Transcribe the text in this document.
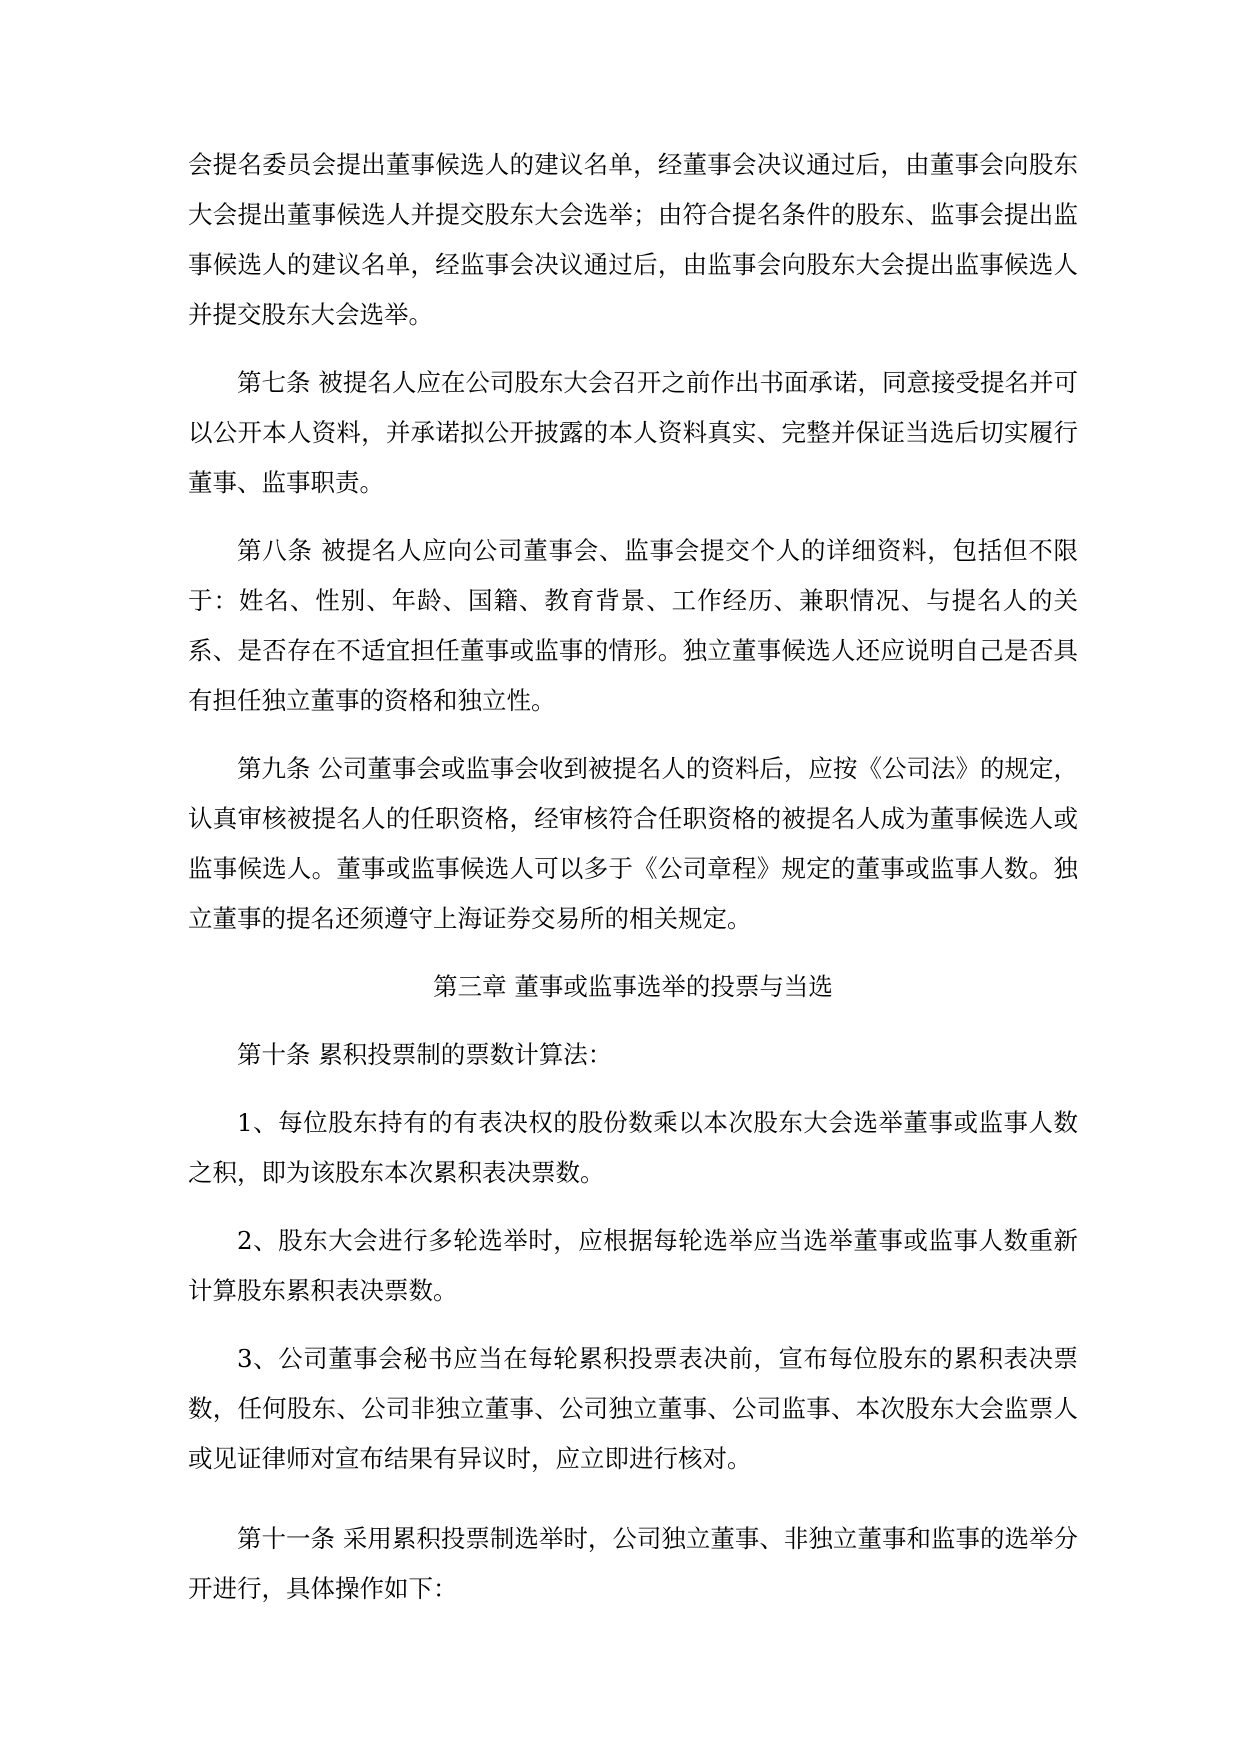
会提名委员会提出董事候选人的建议名单，经董事会决议通过后，由董事会向股东大会提出董事候选人并提交股东大会选举；由符合提名条件的股东、监事会提出监事候选人的建议名单，经监事会决议通过后，由监事会向股东大会提出监事候选人并提交股东大会选举。

第七条 被提名人应在公司股东大会召开之前作出书面承诺，同意接受提名并可以公开本人资料，并承诺拟公开披露的本人资料真实、完整并保证当选后切实履行董事、监事职责。

第八条 被提名人应向公司董事会、监事会提交个人的详细资料，包括但不限于：姓名、性别、年龄、国籍、教育背景、工作经历、兼职情况、与提名人的关系、是否存在不适宜担任董事或监事的情形。独立董事候选人还应说明自己是否具有担任独立董事的资格和独立性。

第九条 公司董事会或监事会收到被提名人的资料后，应按《公司法》的规定，认真审核被提名人的任职资格，经审核符合任职资格的被提名人成为董事候选人或监事候选人。董事或监事候选人可以多于《公司章程》规定的董事或监事人数。独立董事的提名还须遵守上海证券交易所的相关规定。

第三章 董事或监事选举的投票与当选

第十条 累积投票制的票数计算法：

1、每位股东持有的有表决权的股份数乘以本次股东大会选举董事或监事人数之积，即为该股东本次累积表决票数。

2、股东大会进行多轮选举时，应根据每轮选举应当选举董事或监事人数重新计算股东累积表决票数。

3、公司董事会秘书应当在每轮累积投票表决前，宣布每位股东的累积表决票数，任何股东、公司非独立董事、公司独立董事、公司监事、本次股东大会监票人或见证律师对宣布结果有异议时，应立即进行核对。

第十一条 采用累积投票制选举时，公司独立董事、非独立董事和监事的选举分开进行，具体操作如下：
